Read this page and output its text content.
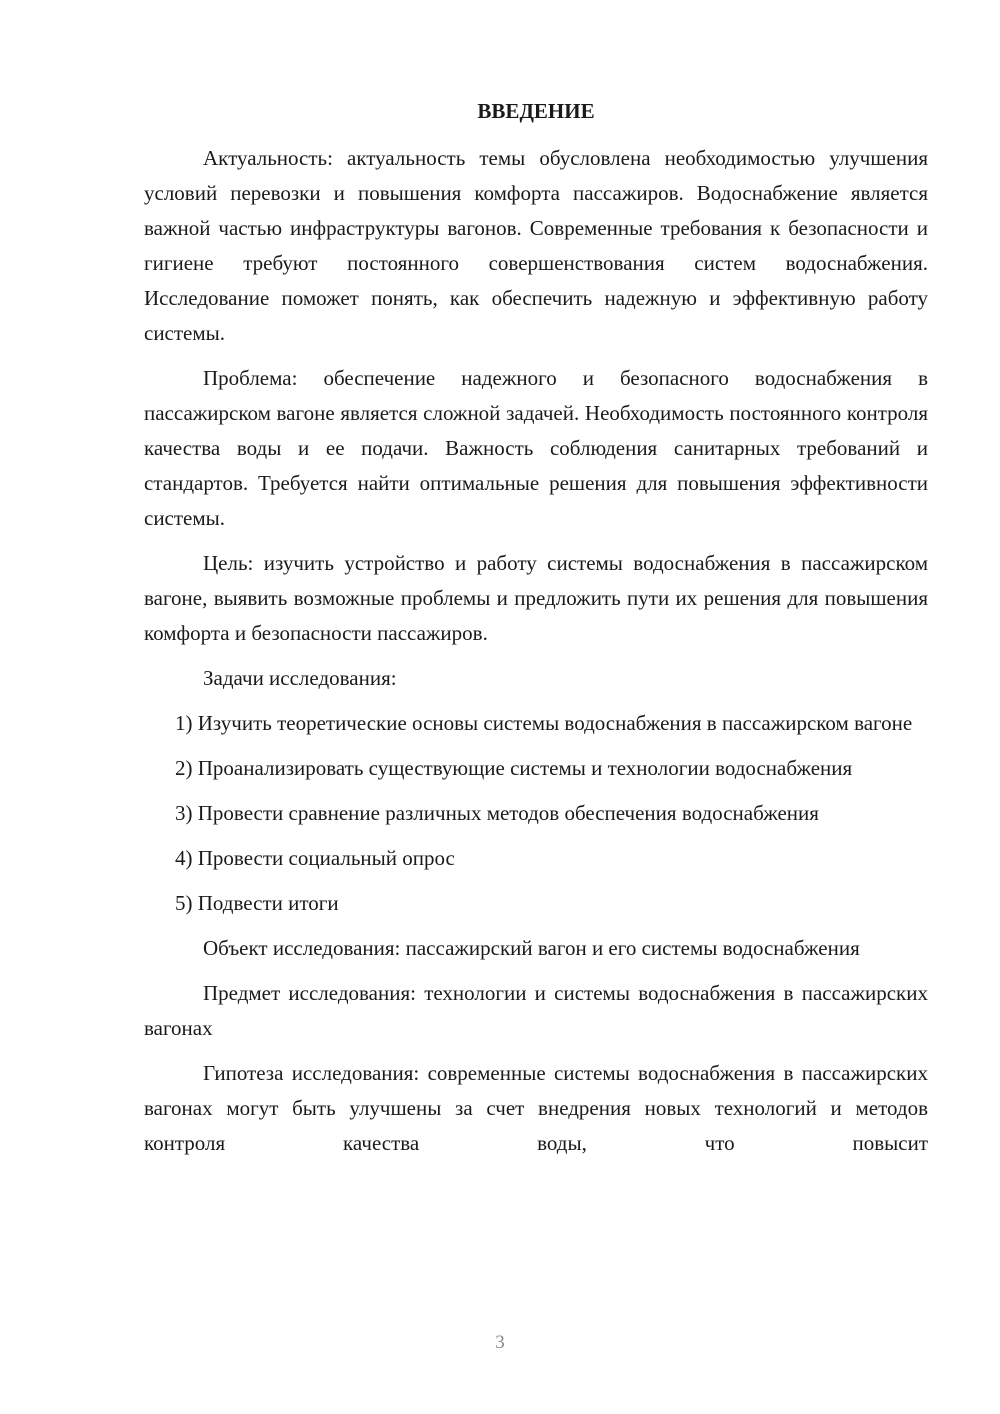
ВВЕДЕНИЕ

Актуальность: актуальность темы обусловлена необходимостью улучшения условий перевозки и повышения комфорта пассажиров. Водоснабжение является важной частью инфраструктуры вагонов. Современные требования к безопасности и гигиене требуют постоянного совершенствования систем водоснабжения. Исследование поможет понять, как обеспечить надежную и эффективную работу системы.

Проблема: обеспечение надежного и безопасного водоснабжения в пассажирском вагоне является сложной задачей. Необходимость постоянного контроля качества воды и ее подачи. Важность соблюдения санитарных требований и стандартов. Требуется найти оптимальные решения для повышения эффективности системы.

Цель: изучить устройство и работу системы водоснабжения в пассажирском вагоне, выявить возможные проблемы и предложить пути их решения для повышения комфорта и безопасности пассажиров.

Задачи исследования:

1) Изучить теоретические основы системы водоснабжения в пассажирском вагоне

2) Проанализировать существующие системы и технологии водоснабжения

3) Провести сравнение различных методов обеспечения водоснабжения

4) Провести социальный опрос

5) Подвести итоги

Объект исследования: пассажирский вагон и его системы водоснабжения

Предмет исследования: технологии и системы водоснабжения в пассажирских вагонах

Гипотеза исследования: современные системы водоснабжения в пассажирских вагонах могут быть улучшены за счет внедрения новых технологий и методов контроля качества воды, что повысит

3
